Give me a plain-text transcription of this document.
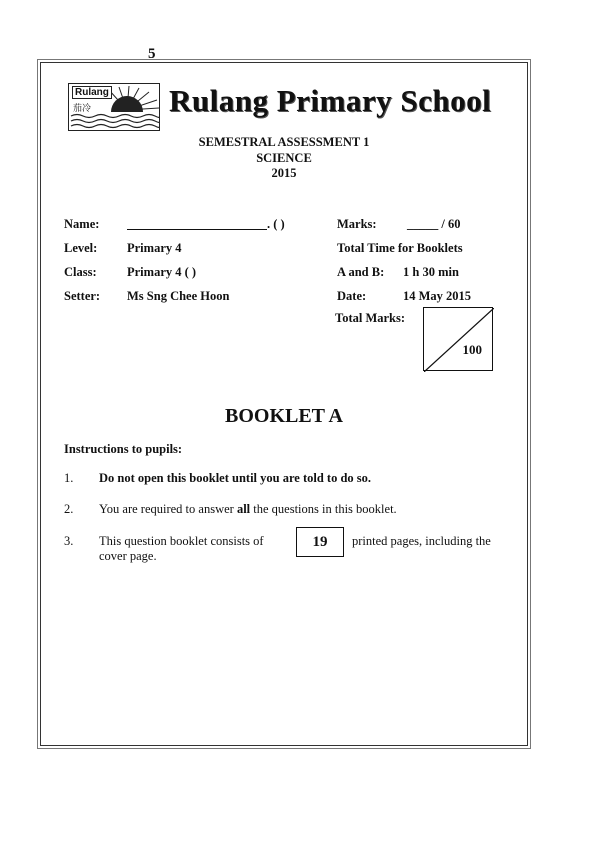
5
Rulang
茄冷	Rulang Primary School
SEMESTRAL ASSESSMENT 1
SCIENCE
2015
Name:	. ( )
Level: Primary 4
Class: Primary 4 ( )
Setter: Ms Sng Chee Hoon
Marks: _____ / 60
Total Time for Booklets
A and B: 1 h 30 min
Date:	14 May 2015
Total Marks:
100
BOOKLET A
Instructions to pupils:
1. Do not open this booklet until you are told to do so.
2. You are required to answer all the questions in this booklet.
3. This question booklet consists of	19	printed pages, including the
cover page.
